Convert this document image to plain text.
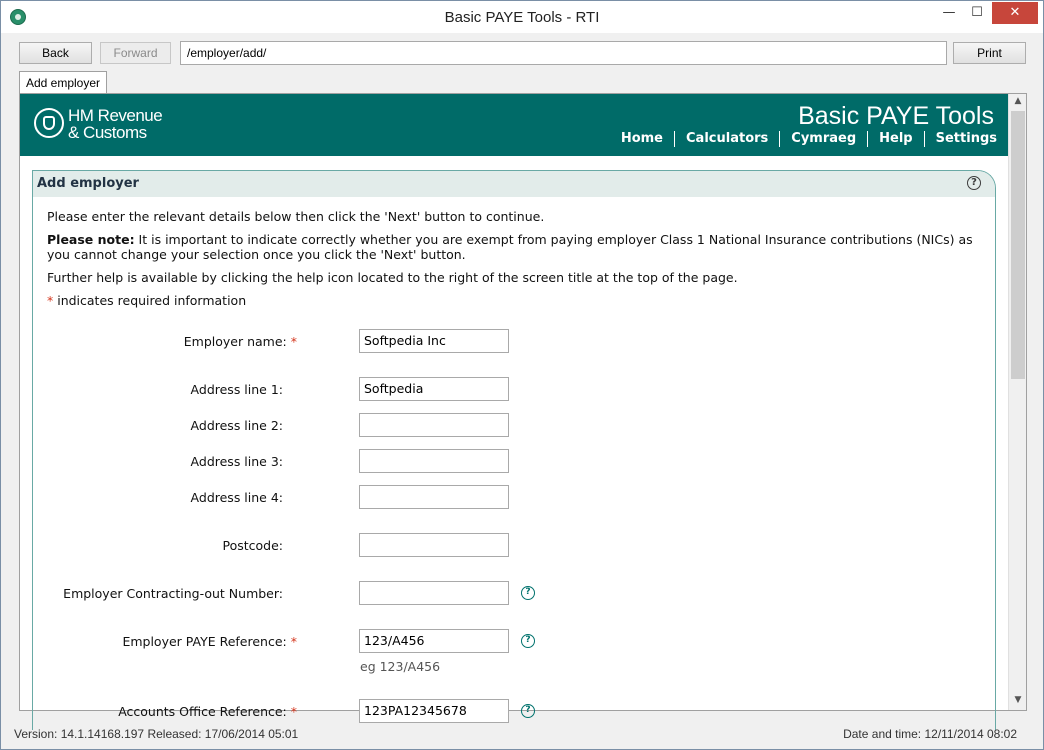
Basic PAYE Tools - RTI	—	☐	✕
Back	Forward	/employer/add/	Print
Add employer
HM Revenue
& Customs
Basic PAYE Tools
Home	Calculators	Cymraeg	Help	Settings
Add employer	?
Please enter the relevant details below then click the 'Next' button to continue.
Please note: It is important to indicate correctly whether you are exempt from paying employer Class 1 National Insurance contributions (NICs) as you cannot change your selection once you click the 'Next' button.
Further help is available by clicking the help icon located to the right of the screen title at the top of the page.
* indicates required information
Employer name: *	Softpedia Inc
Address line 1:	Softpedia
Address line 2:
Address line 3:
Address line 4:
Postcode:
Employer Contracting-out Number:	?
Employer PAYE Reference: *	123/A456	?
eg 123/A456
Accounts Office Reference: *	123PA12345678	?
▲
▼
Version: 14.1.14168.197 Released: 17/06/2014 05:01	Date and time: 12/11/2014 08:02
